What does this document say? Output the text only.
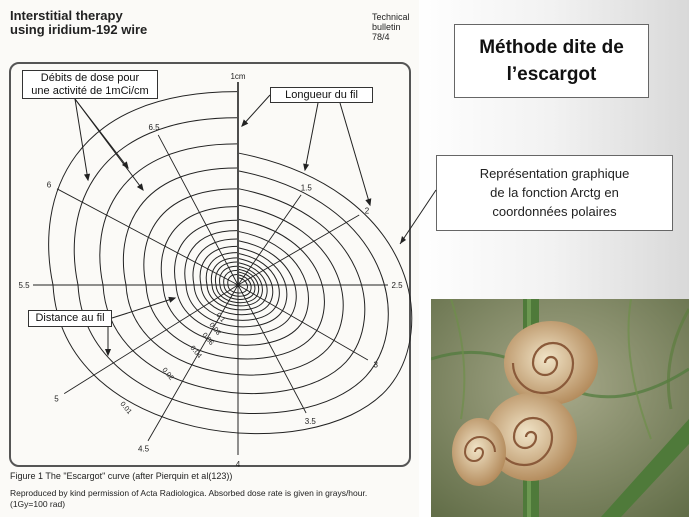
Interstitial therapy
using iridium-192 wire
Technical
bulletin
78/4
1cm
6.5
6
5.5
5
4.5
4
3.5
3
2.5
2
1.5
0.1
0.08
0.06
0.04
0.02
0.01
Débits de dose pour
une activité de 1mCi/cm	Longueur du fil
Distance au fil
Figure 1 The "Escargot" curve (after Pierquin et al(123))
Reproduced by kind permission of Acta Radiologica. Absorbed dose rate is given in grays/hour.
(1Gy=100 rad)
Méthode dite de
l’escargot
Représentation graphique
de la fonction Arctg en
coordonnées polaires
